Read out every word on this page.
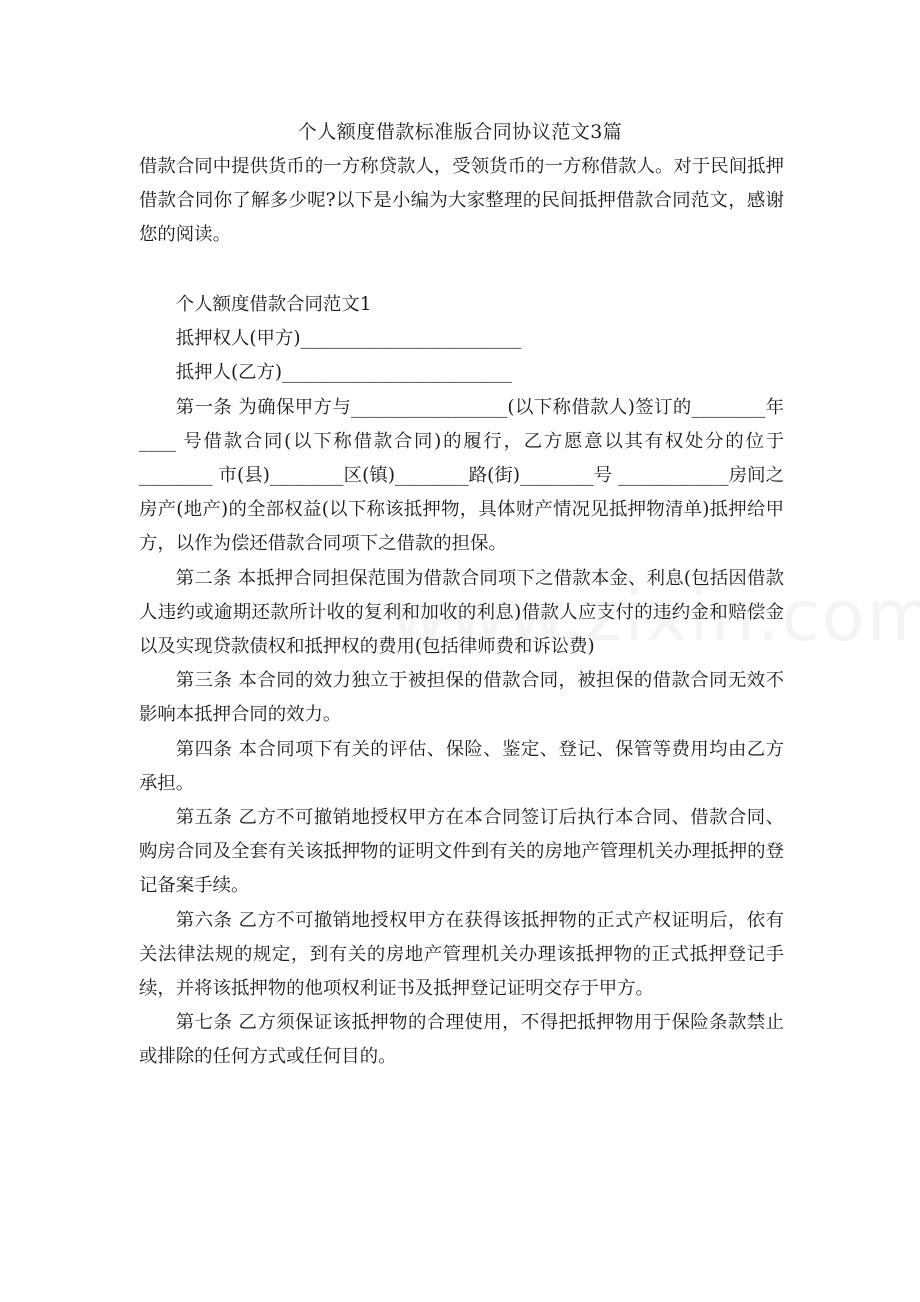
个人额度借款标准版合同协议范文3篇

借款合同中提供货币的一方称贷款人，受领货币的一方称借款人。对于民间抵押借款合同你了解多少呢?以下是小编为大家整理的民间抵押借款合同范文，感谢您的阅读。

个人额度借款合同范文1

抵押权人(甲方)________________________

抵押人(乙方)_________________________

第一条 为确保甲方与_________________(以下称借款人)签订的________年____ 号借款合同(以下称借款合同)的履行，乙方愿意以其有权处分的位于________ 市(县)________区(镇)________路(街)________号 ____________房间之房产(地产)的全部权益(以下称该抵押物，具体财产情况见抵押物清单)抵押给甲方，以作为偿还借款合同项下之借款的担保。

第二条 本抵押合同担保范围为借款合同项下之借款本金、利息(包括因借款人违约或逾期还款所计收的复利和加收的利息)借款人应支付的违约金和赔偿金以及实现贷款债权和抵押权的费用(包括律师费和诉讼费)

第三条 本合同的效力独立于被担保的借款合同，被担保的借款合同无效不影响本抵押合同的效力。

第四条 本合同项下有关的评估、保险、鉴定、登记、保管等费用均由乙方承担。

第五条 乙方不可撤销地授权甲方在本合同签订后执行本合同、借款合同、购房合同及全套有关该抵押物的证明文件到有关的房地产管理机关办理抵押的登记备案手续。

第六条 乙方不可撤销地授权甲方在获得该抵押物的正式产权证明后，依有关法律法规的规定，到有关的房地产管理机关办理该抵押物的正式抵押登记手续，并将该抵押物的他项权利证书及抵押登记证明交存于甲方。

第七条 乙方须保证该抵押物的合理使用，不得把抵押物用于保险条款禁止或排除的任何方式或任何目的。
